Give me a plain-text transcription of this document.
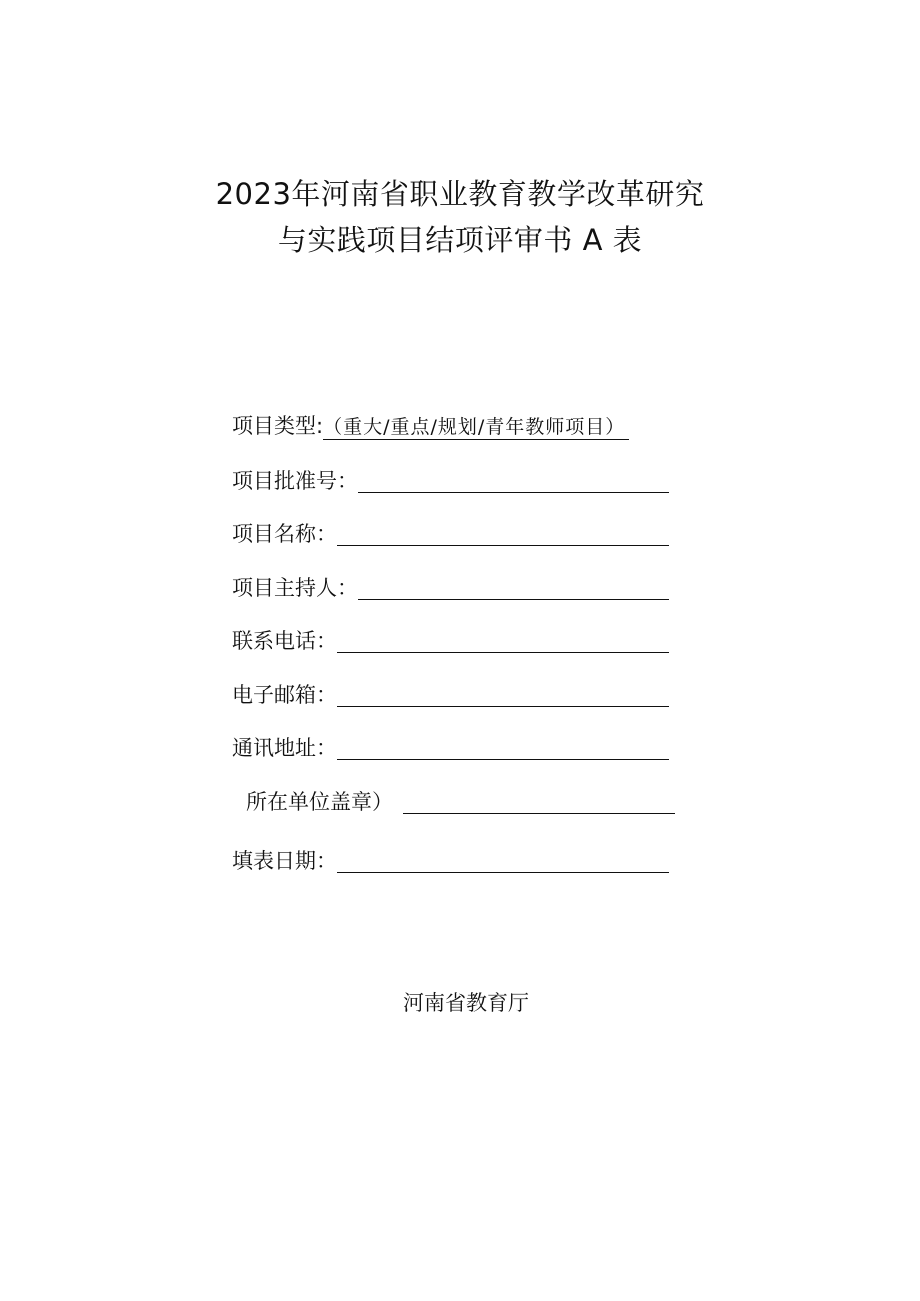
2023年河南省职业教育教学改革研究
与实践项目结项评审书 A 表
项目类型: （重大/重点/规划/青年教师项目）
项目批准号：
项目名称：
项目主持人：
联系电话：
电子邮箱：
通讯地址：
所在单位盖章）
填表日期：
河南省教育厅
